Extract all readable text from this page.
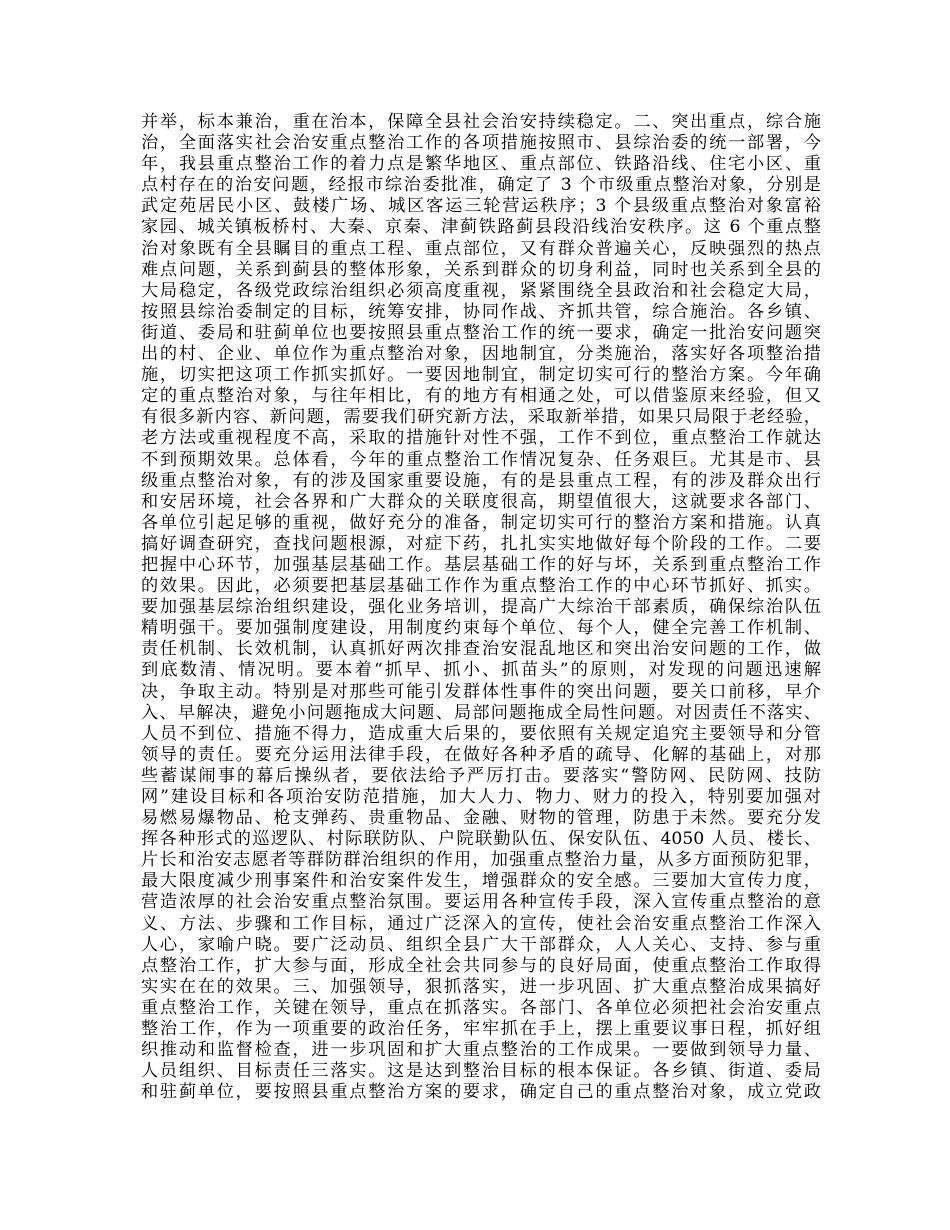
并举，标本兼治，重在治本，保障全县社会治安持续稳定。二、突出重点，综合施
治，全面落实社会治安重点整治工作的各项措施按照市、县综治委的统一部署，今
年，我县重点整治工作的着力点是繁华地区、重点部位、铁路沿线、住宅小区、重
点村存在的治安问题，经报市综治委批准，确定了 3 个市级重点整治对象，分别是
武定苑居民小区、鼓楼广场、城区客运三轮营运秩序；3 个县级重点整治对象富裕
家园、城关镇板桥村、大秦、京秦、津蓟铁路蓟县段沿线治安秩序。这 6 个重点整
治对象既有全县瞩目的重点工程、重点部位，又有群众普遍关心，反映强烈的热点
难点问题，关系到蓟县的整体形象，关系到群众的切身利益，同时也关系到全县的
大局稳定，各级党政综治组织必须高度重视，紧紧围绕全县政治和社会稳定大局，
按照县综治委制定的目标，统筹安排，协同作战、齐抓共管，综合施治。各乡镇、
街道、委局和驻蓟单位也要按照县重点整治工作的统一要求，确定一批治安问题突
出的村、企业、单位作为重点整治对象，因地制宜，分类施治，落实好各项整治措
施，切实把这项工作抓实抓好。一要因地制宜，制定切实可行的整治方案。今年确
定的重点整治对象，与往年相比，有的地方有相通之处，可以借鉴原来经验，但又
有很多新内容、新问题，需要我们研究新方法，采取新举措，如果只局限于老经验，
老方法或重视程度不高，采取的措施针对性不强，工作不到位，重点整治工作就达
不到预期效果。总体看，今年的重点整治工作情况复杂、任务艰巨。尤其是市、县
级重点整治对象，有的涉及国家重要设施，有的是县重点工程，有的涉及群众出行
和安居环境，社会各界和广大群众的关联度很高，期望值很大，这就要求各部门、
各单位引起足够的重视，做好充分的准备，制定切实可行的整治方案和措施。认真
搞好调查研究，查找问题根源，对症下药，扎扎实实地做好每个阶段的工作。二要
把握中心环节，加强基层基础工作。基层基础工作的好与坏，关系到重点整治工作
的效果。因此，必须要把基层基础工作作为重点整治工作的中心环节抓好、抓实。
要加强基层综治组织建设，强化业务培训，提高广大综治干部素质，确保综治队伍
精明强干。要加强制度建设，用制度约束每个单位、每个人，健全完善工作机制、
责任机制、长效机制，认真抓好两次排查治安混乱地区和突出治安问题的工作，做
到底数清、情况明。要本着“抓早、抓小、抓苗头”的原则，对发现的问题迅速解
决，争取主动。特别是对那些可能引发群体性事件的突出问题，要关口前移，早介
入、早解决，避免小问题拖成大问题、局部问题拖成全局性问题。对因责任不落实、
人员不到位、措施不得力，造成重大后果的，要依照有关规定追究主要领导和分管
领导的责任。要充分运用法律手段，在做好各种矛盾的疏导、化解的基础上，对那
些蓄谋闹事的幕后操纵者，要依法给予严厉打击。要落实“警防网、民防网、技防
网”建设目标和各项治安防范措施，加大人力、物力、财力的投入，特别要加强对
易燃易爆物品、枪支弹药、贵重物品、金融、财物的管理，防患于未然。要充分发
挥各种形式的巡逻队、村际联防队、户院联勤队伍、保安队伍、4050 人员、楼长、
片长和治安志愿者等群防群治组织的作用，加强重点整治力量，从多方面预防犯罪，
最大限度减少刑事案件和治安案件发生，增强群众的安全感。三要加大宣传力度，
营造浓厚的社会治安重点整治氛围。要运用各种宣传手段，深入宣传重点整治的意
义、方法、步骤和工作目标，通过广泛深入的宣传，使社会治安重点整治工作深入
人心，家喻户晓。要广泛动员、组织全县广大干部群众，人人关心、支持、参与重
点整治工作，扩大参与面，形成全社会共同参与的良好局面，使重点整治工作取得
实实在在的效果。三、加强领导，狠抓落实，进一步巩固、扩大重点整治成果搞好
重点整治工作，关键在领导，重点在抓落实。各部门、各单位必须把社会治安重点
整治工作，作为一项重要的政治任务，牢牢抓在手上，摆上重要议事日程，抓好组
织推动和监督检查，进一步巩固和扩大重点整治的工作成果。一要做到领导力量、
人员组织、目标责任三落实。这是达到整治目标的根本保证。各乡镇、街道、委局
和驻蓟单位，要按照县重点整治方案的要求，确定自己的重点整治对象，成立党政
